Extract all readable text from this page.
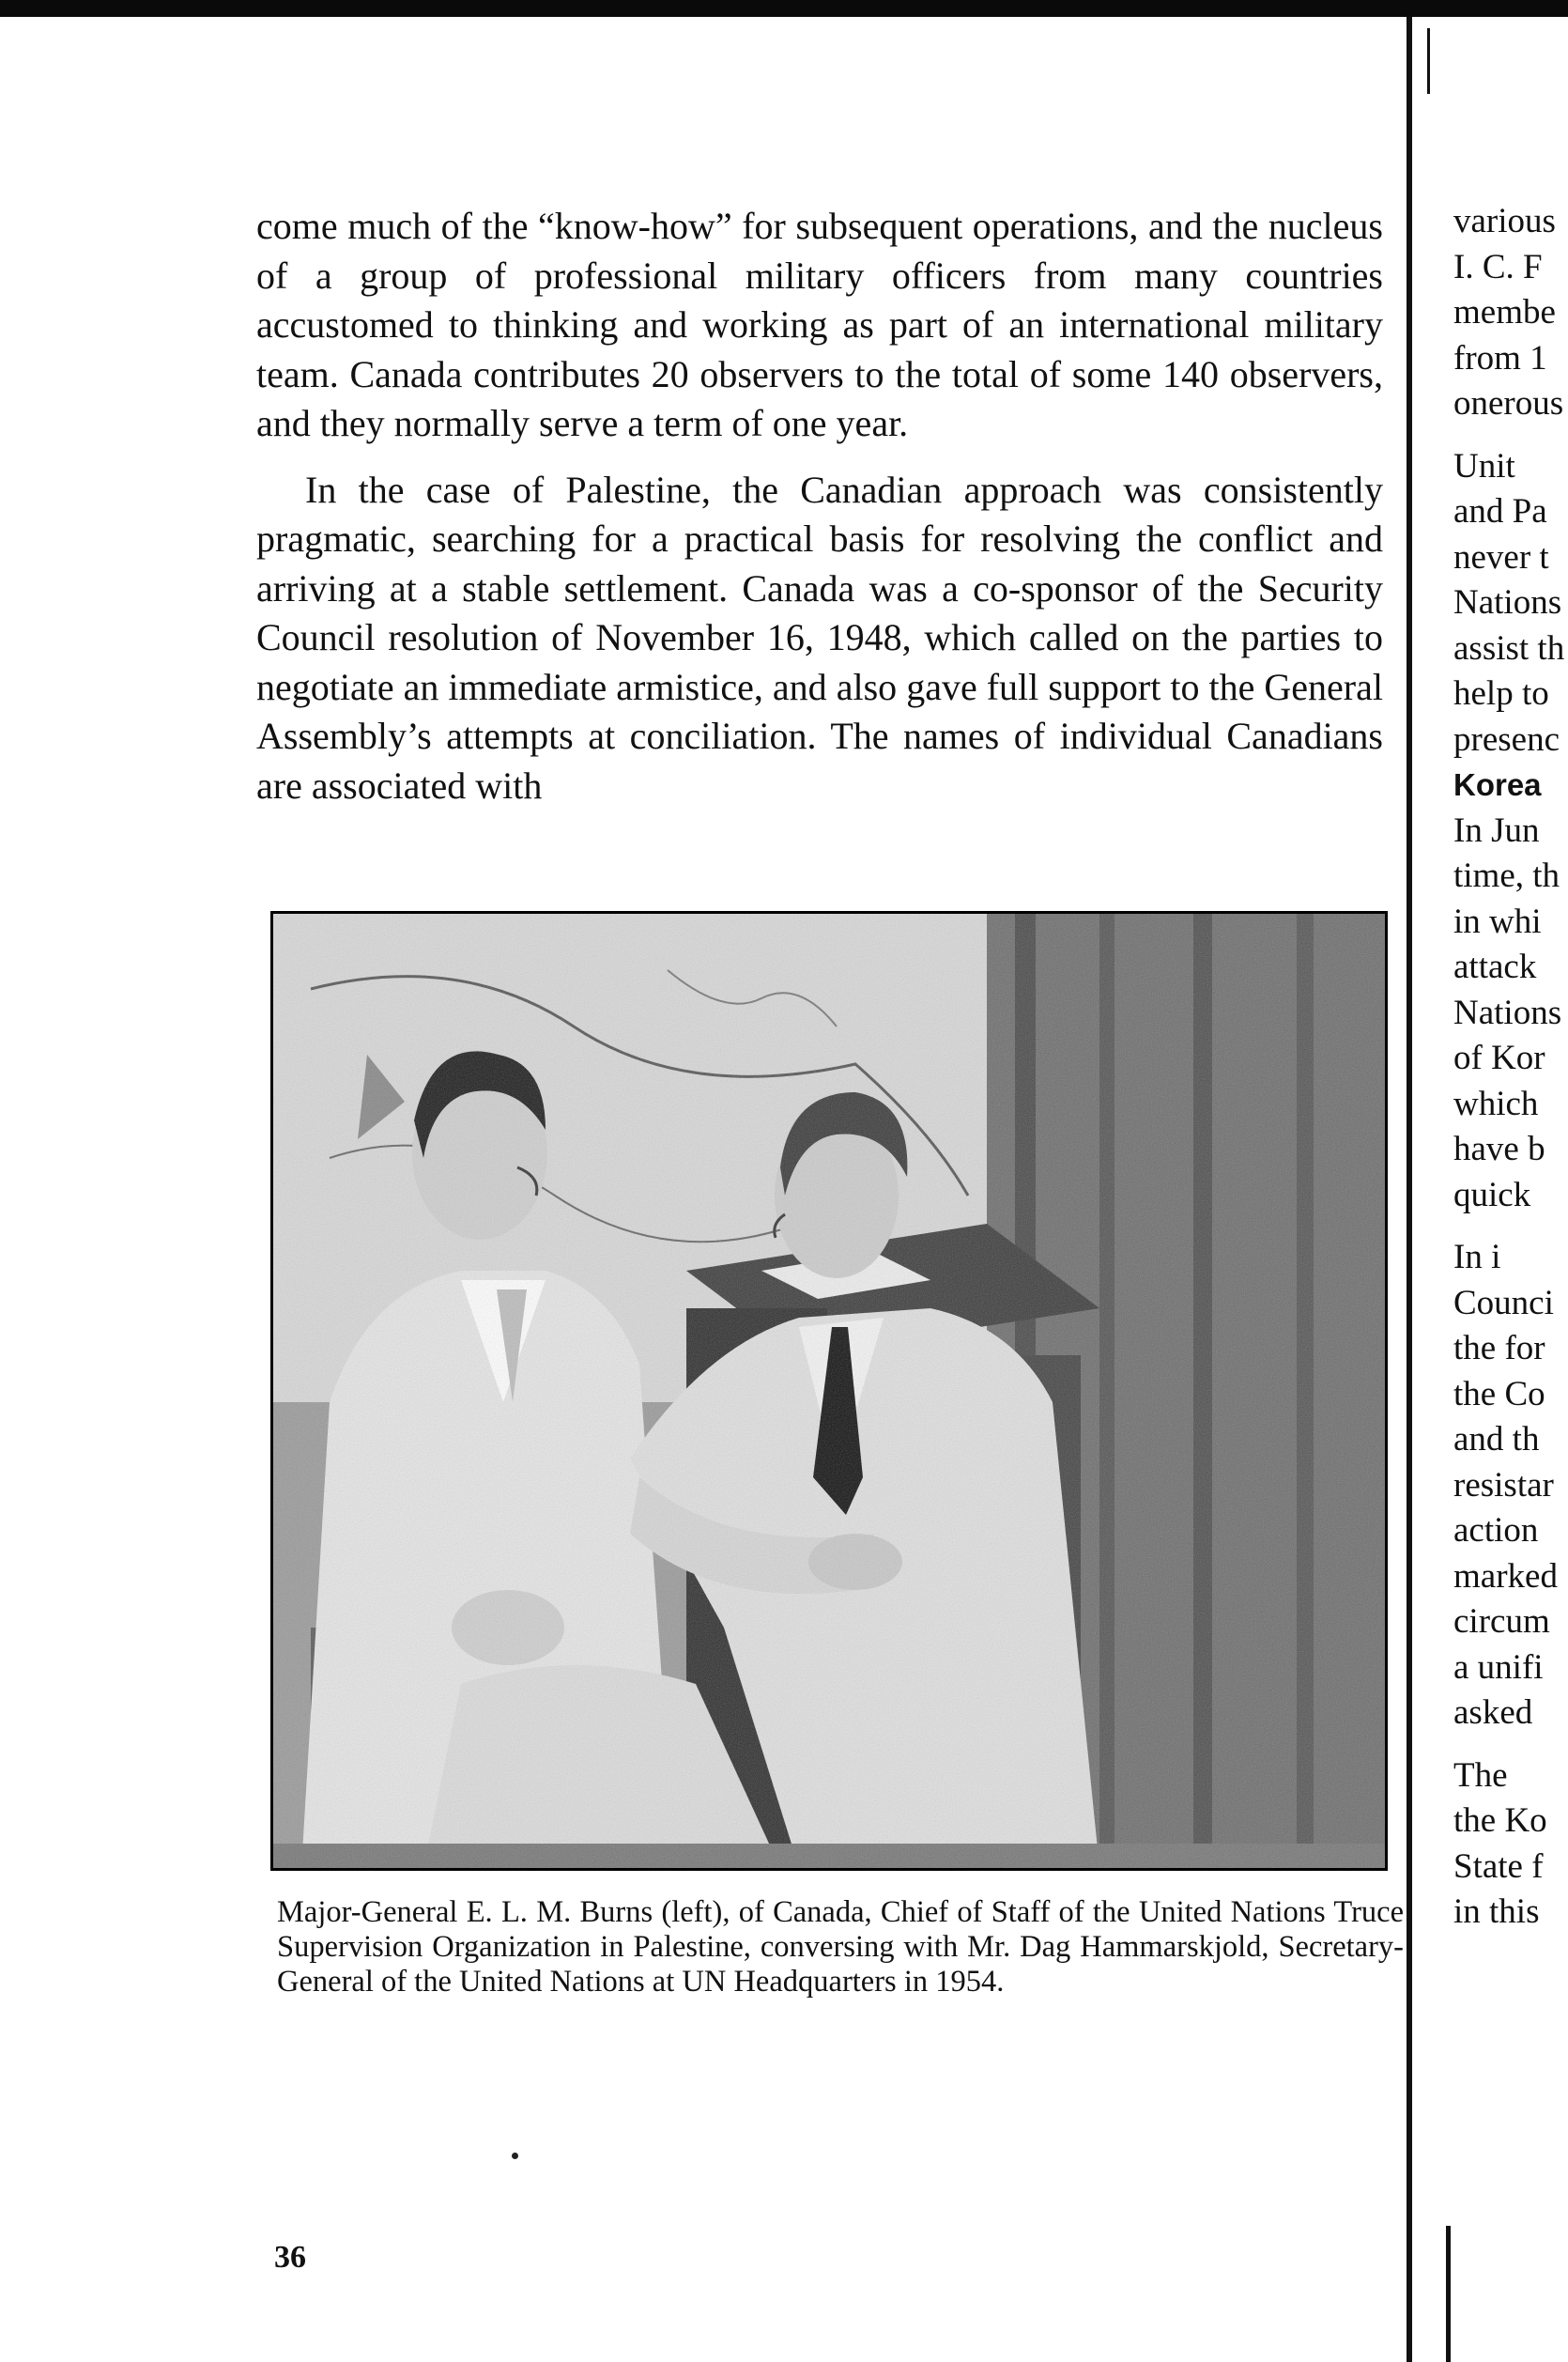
come much of the “know-how” for subsequent operations, and the nucleus of a group of professional military officers from many countries accustomed to thinking and working as part of an international military team. Canada contributes 20 observers to the total of some 140 observers, and they normally serve a term of one year.

In the case of Palestine, the Canadian approach was consistently pragmatic, searching for a practical basis for resolving the conflict and arriving at a stable settlement. Canada was a co-sponsor of the Security Council resolution of November 16, 1948, which called on the parties to negotiate an immediate armistice, and also gave full support to the General Assembly’s attempts at conciliation. The names of individual Canadians are associated with

Major-General E. L. M. Burns (left), of Canada, Chief of Staff of the United Nations Truce Supervision Organization in Palestine, conversing with Mr. Dag Hammarskjold, Secretary-General of the United Nations at UN Headquarters in 1954.
36
various
I. C. F
membe
from 1
onerous
Unit
and Pa
never t
Nations
assist th
help to
presenc
Korea
In Jun
time, th
in whi
attack
Nations
of Kor
which
have b
quick
In i
Counci
the for
the Co
and th
resistar
action
marked
circum
a unifi
asked
The
the Ko
State f
in this
